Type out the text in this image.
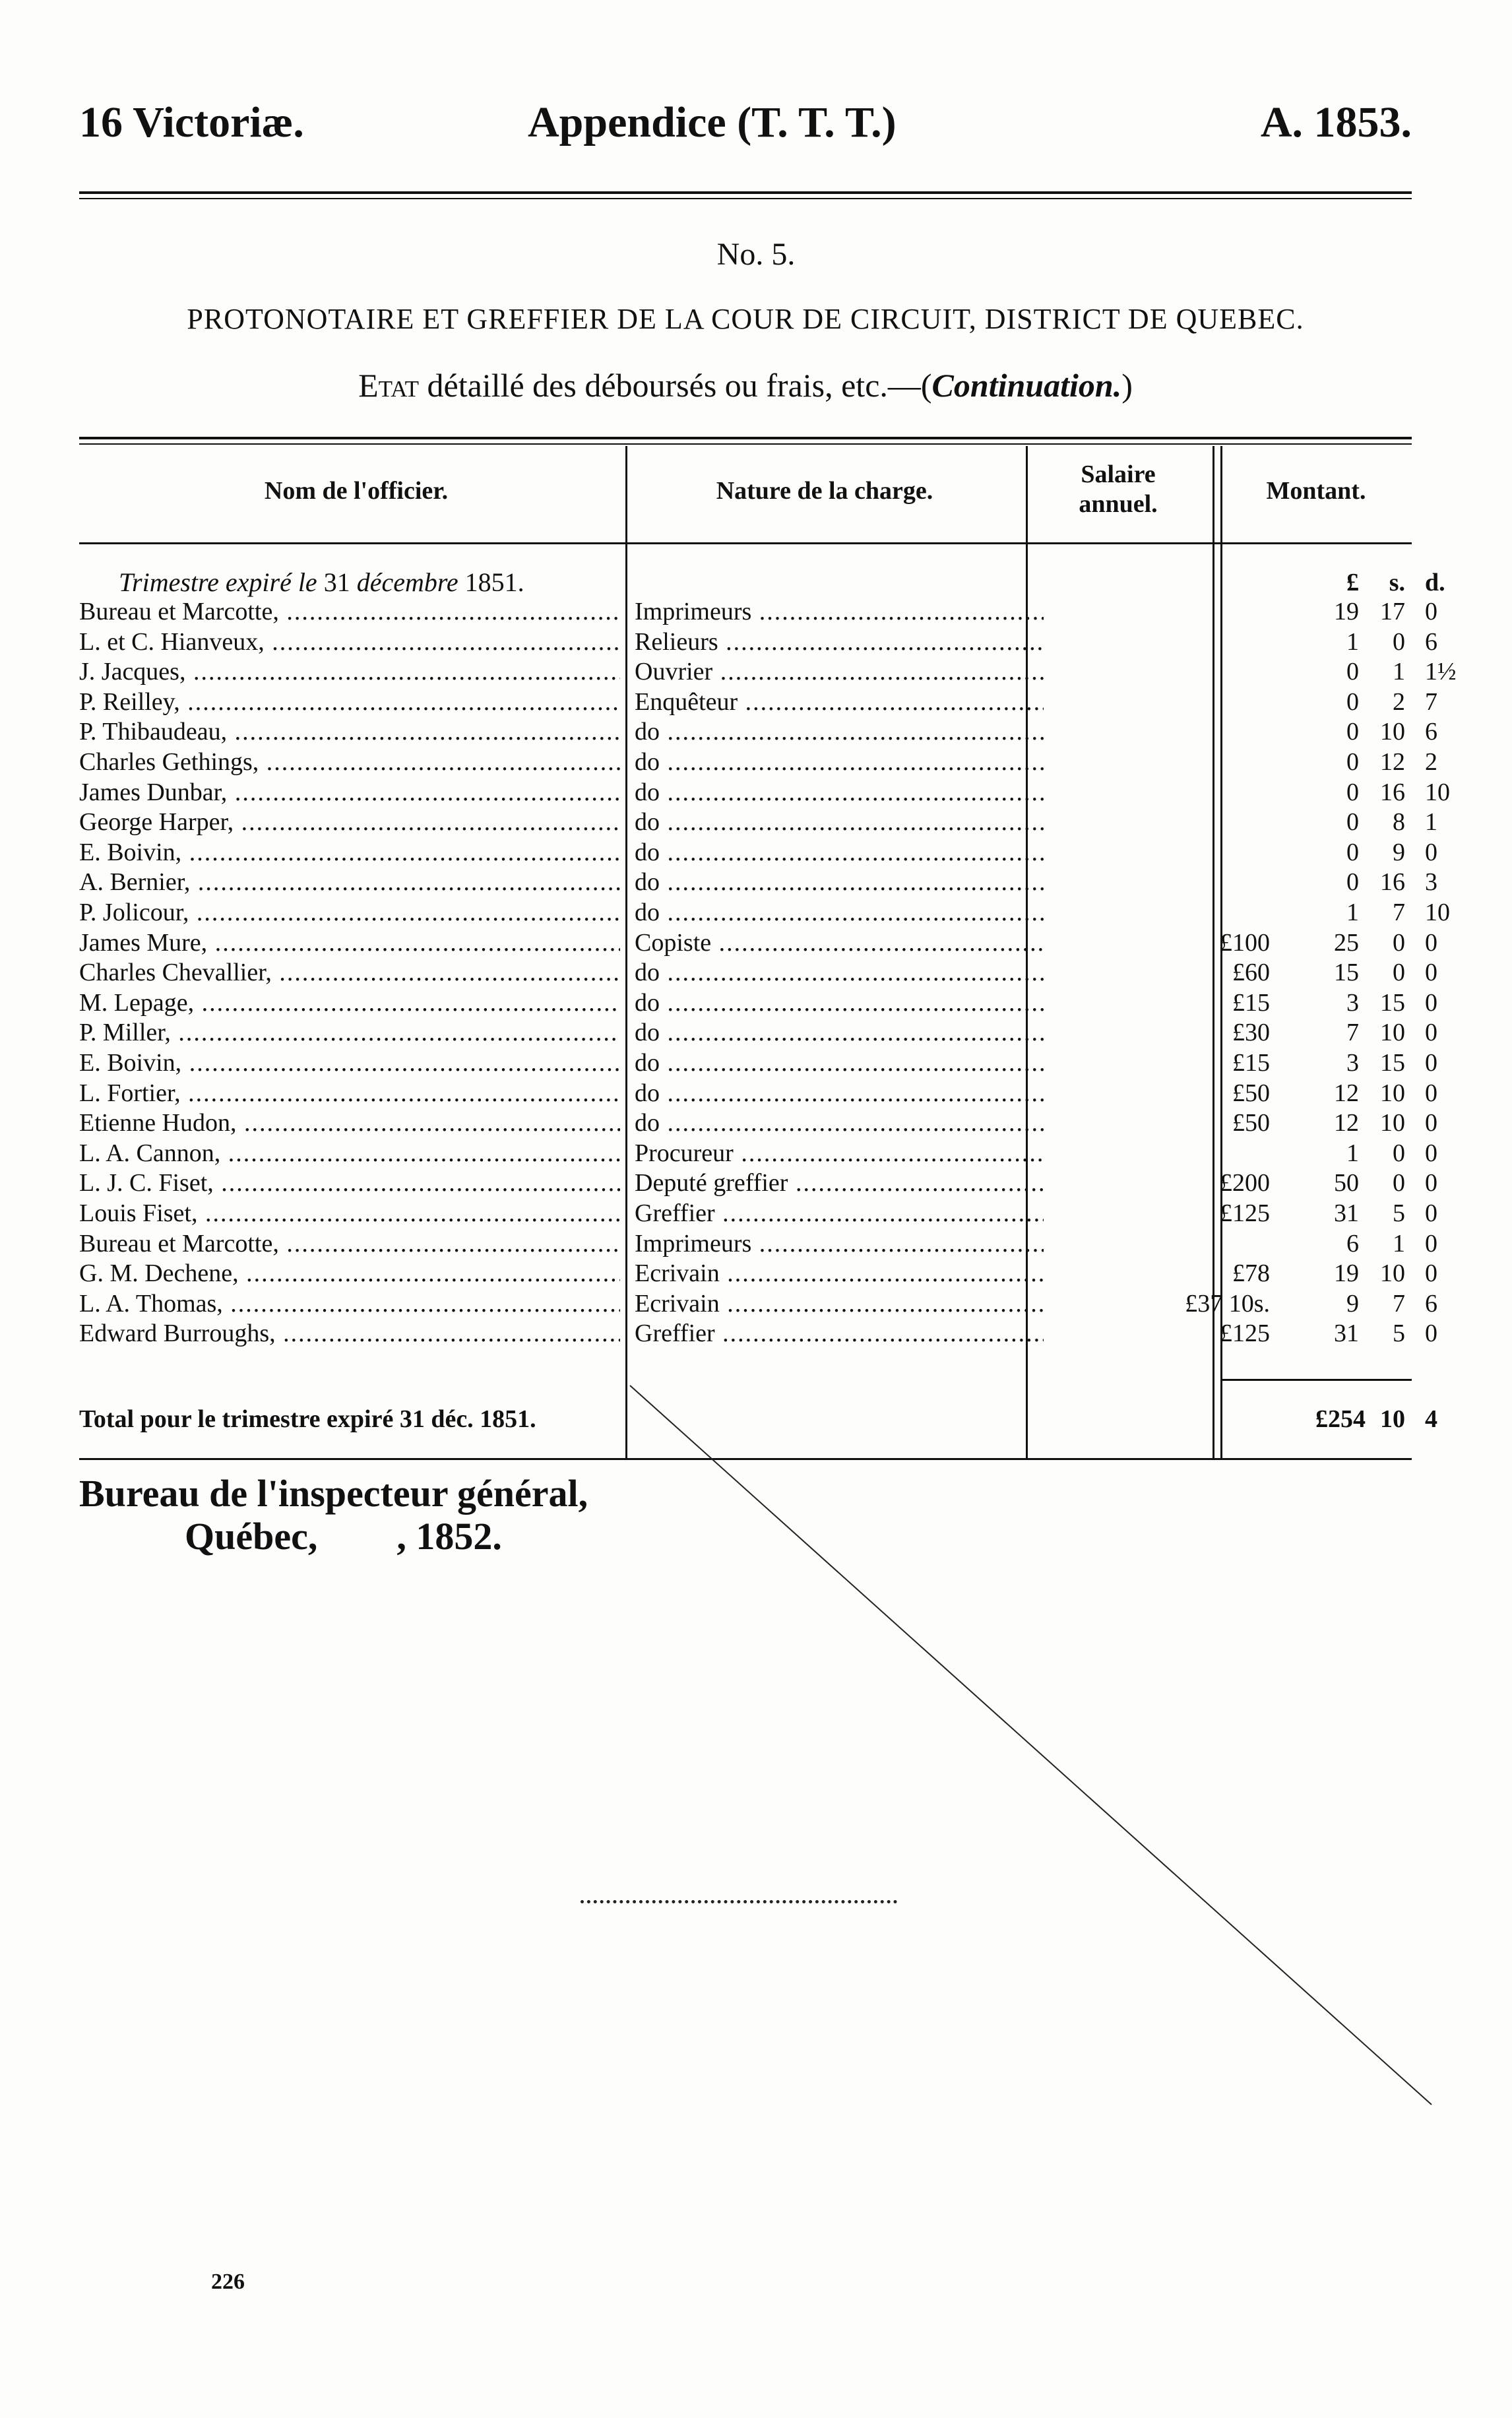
16 Victoriæ.	Appendice (T. T. T.)	A. 1853.
No. 5.
PROTONOTAIRE ET GREFFIER DE LA COUR DE CIRCUIT, DISTRICT DE QUEBEC.
Etat détaillé des déboursés ou frais, etc.—(Continuation.)
Nom de l'officier.	Nature de la charge.
Salaire
annuel.	Montant.
Trimestre expiré le 31 décembre 1851.	£	s. d.
Bureau et Marcotte, .....	Imprimeurs .....	19 17 0
L. et C. Hianveux, .....	Relieurs .....	1	0 6
J. Jacques, .....	Ouvrier .....	0	1 1½
P. Reilley, .....	Enquêteur .....	0	2 7
P. Thibaudeau, .....	do .....	0 10 6
Charles Gethings, .....	do .....	0 12 2
James Dunbar, .....	do .....	0 16 10
George Harper, .....	do .....	0	8 1
E. Boivin, .....	do .....	0	9 0
A. Bernier, .....	do .....	0 16 3
P. Jolicour, .....	do .....	1	7 10
James Mure, .....	Copiste .....	£100	25	0 0
Charles Chevallier, .....	do .....	£60	15	0 0
M. Lepage, .....	do .....	£15	3 15 0
P. Miller, .....	do .....	£30	7 10 0
E. Boivin, .....	do .....	£15	3 15 0
L. Fortier, .....	do .....	£50	12 10 0
Etienne Hudon, .....	do .....	£50	12 10 0
L. A. Cannon, .....	Procureur .....	1	0 0
L. J. C. Fiset, .....	Deputé greffier .....	£200	50	0 0
Louis Fiset, .....	Greffier .....	£125	31	5 0
Bureau et Marcotte, .....	Imprimeurs .....	6	1 0
G. M. Dechene, .....	Ecrivain .....	£78	19 10 0
L. A. Thomas, .....	Ecrivain .....	£37 10s.	9	7 6
Edward Burroughs, .....	Greffier .....	£125	31	5 0
Total pour le trimestre expiré 31 déc. 1851.	£254 10 4
Bureau de l'inspecteur général,
Québec, , 1852.
226
